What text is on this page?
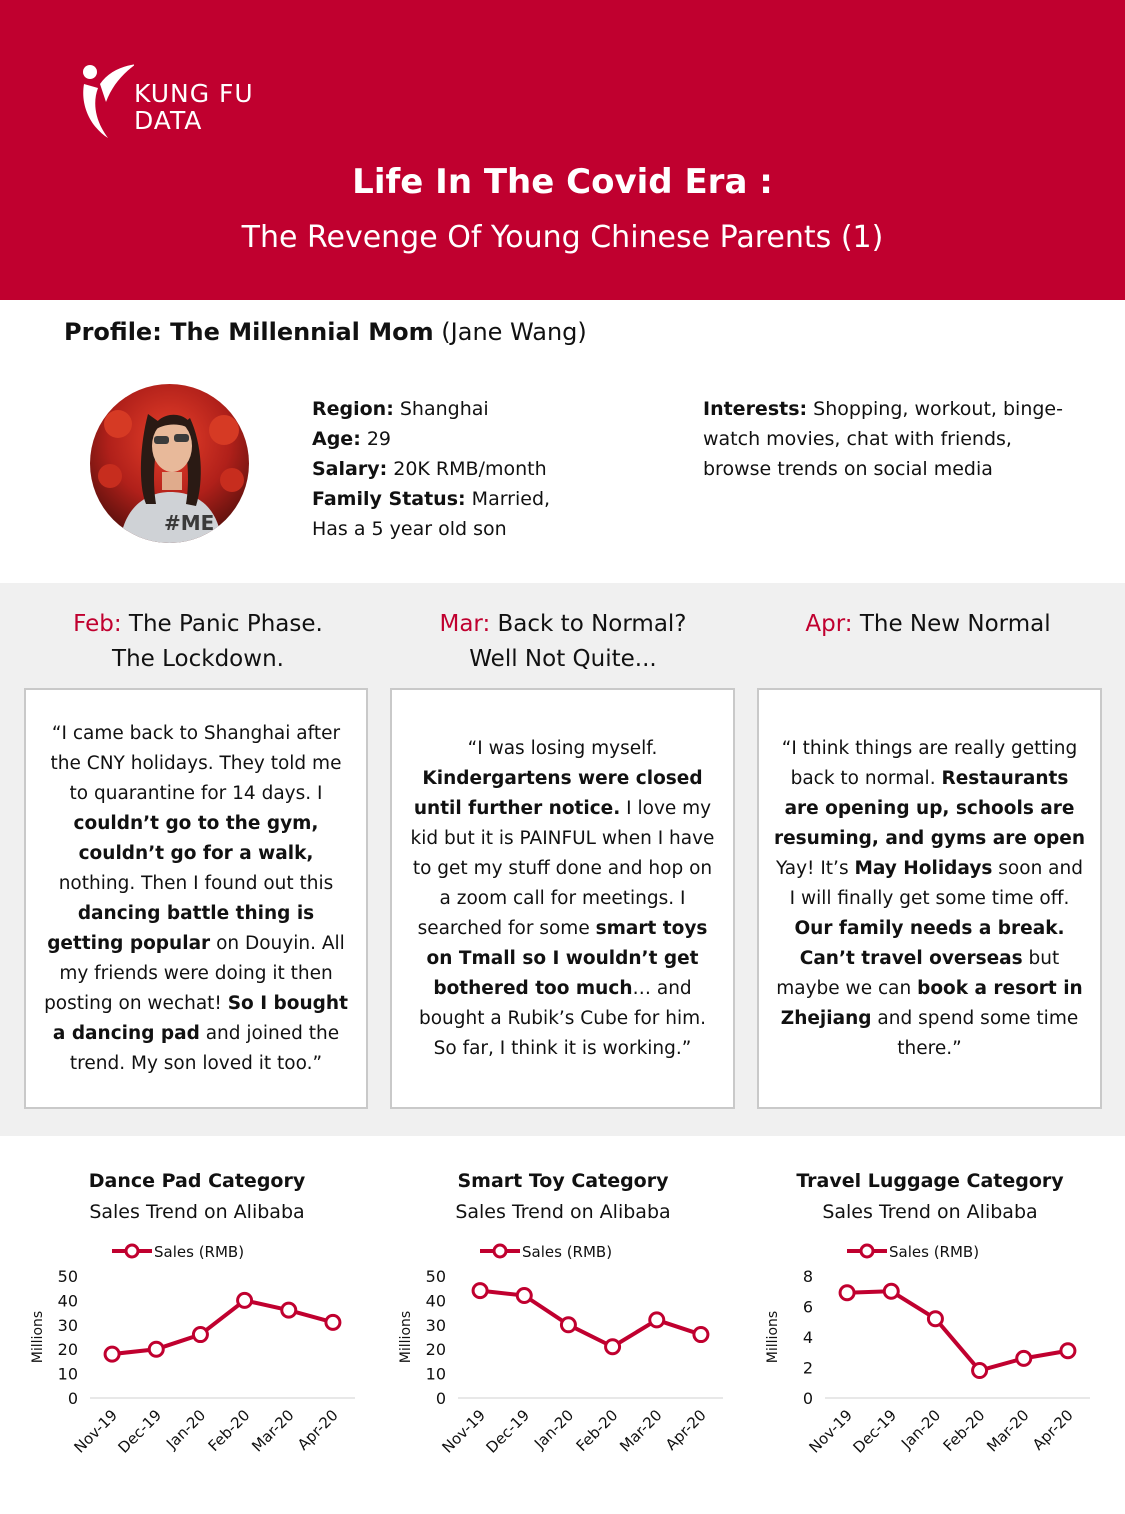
KUNG FU
DATA
Life In The Covid Era :
The Revenge Of Young Chinese Parents (1)
Profile: The Millennial Mom (Jane Wang)
#ME
Region: Shanghai
Age: 29
Salary: 20K RMB/month
Family Status: Married,
Has a 5 year old son
Interests: Shopping, workout, binge-
watch movies, chat with friends,
browse trends on social media
Feb: The Panic Phase.
The Lockdown.
“I came back to Shanghai after the CNY holidays. They told me to quarantine for 14 days. I couldn’t go to the gym, couldn’t go for a walk, nothing. Then I found out this dancing battle thing is getting popular on Douyin. All my friends were doing it then posting on wechat! So I bought a dancing pad and joined the trend. My son loved it too.”
Mar: Back to Normal?
Well Not Quite...
“I was losing myself. Kindergartens were closed until further notice. I love my kid but it is PAINFUL when I have to get my stuff done and hop on a zoom call for meetings. I searched for some smart toys on Tmall so I wouldn’t get bothered too much… and bought a Rubik’s Cube for him.
So far, I think it is working.”
Apr: The New Normal
“I think things are really getting back to normal. Restaurants are opening up, schools are resuming, and gyms are open Yay! It’s May Holidays soon and I will finally get some time off. Our family needs a break. Can’t travel overseas but maybe we can book a resort in Zhejiang and spend some time there.”
Dance Pad Category
Sales Trend on Alibaba
Sales (RMB)
Millions
0
10
20
30
40
50
Nov-19
Dec-19
Jan-20
Feb-20
Mar-20
Apr-20
Smart Toy Category
Sales Trend on Alibaba
Sales (RMB)
Millions
0
10
20
30
40
50
Nov-19
Dec-19
Jan-20
Feb-20
Mar-20
Apr-20
Travel Luggage Category
Sales Trend on Alibaba
Sales (RMB)
Millions
0
2
4
6
8
Nov-19
Dec-19
Jan-20
Feb-20
Mar-20
Apr-20
